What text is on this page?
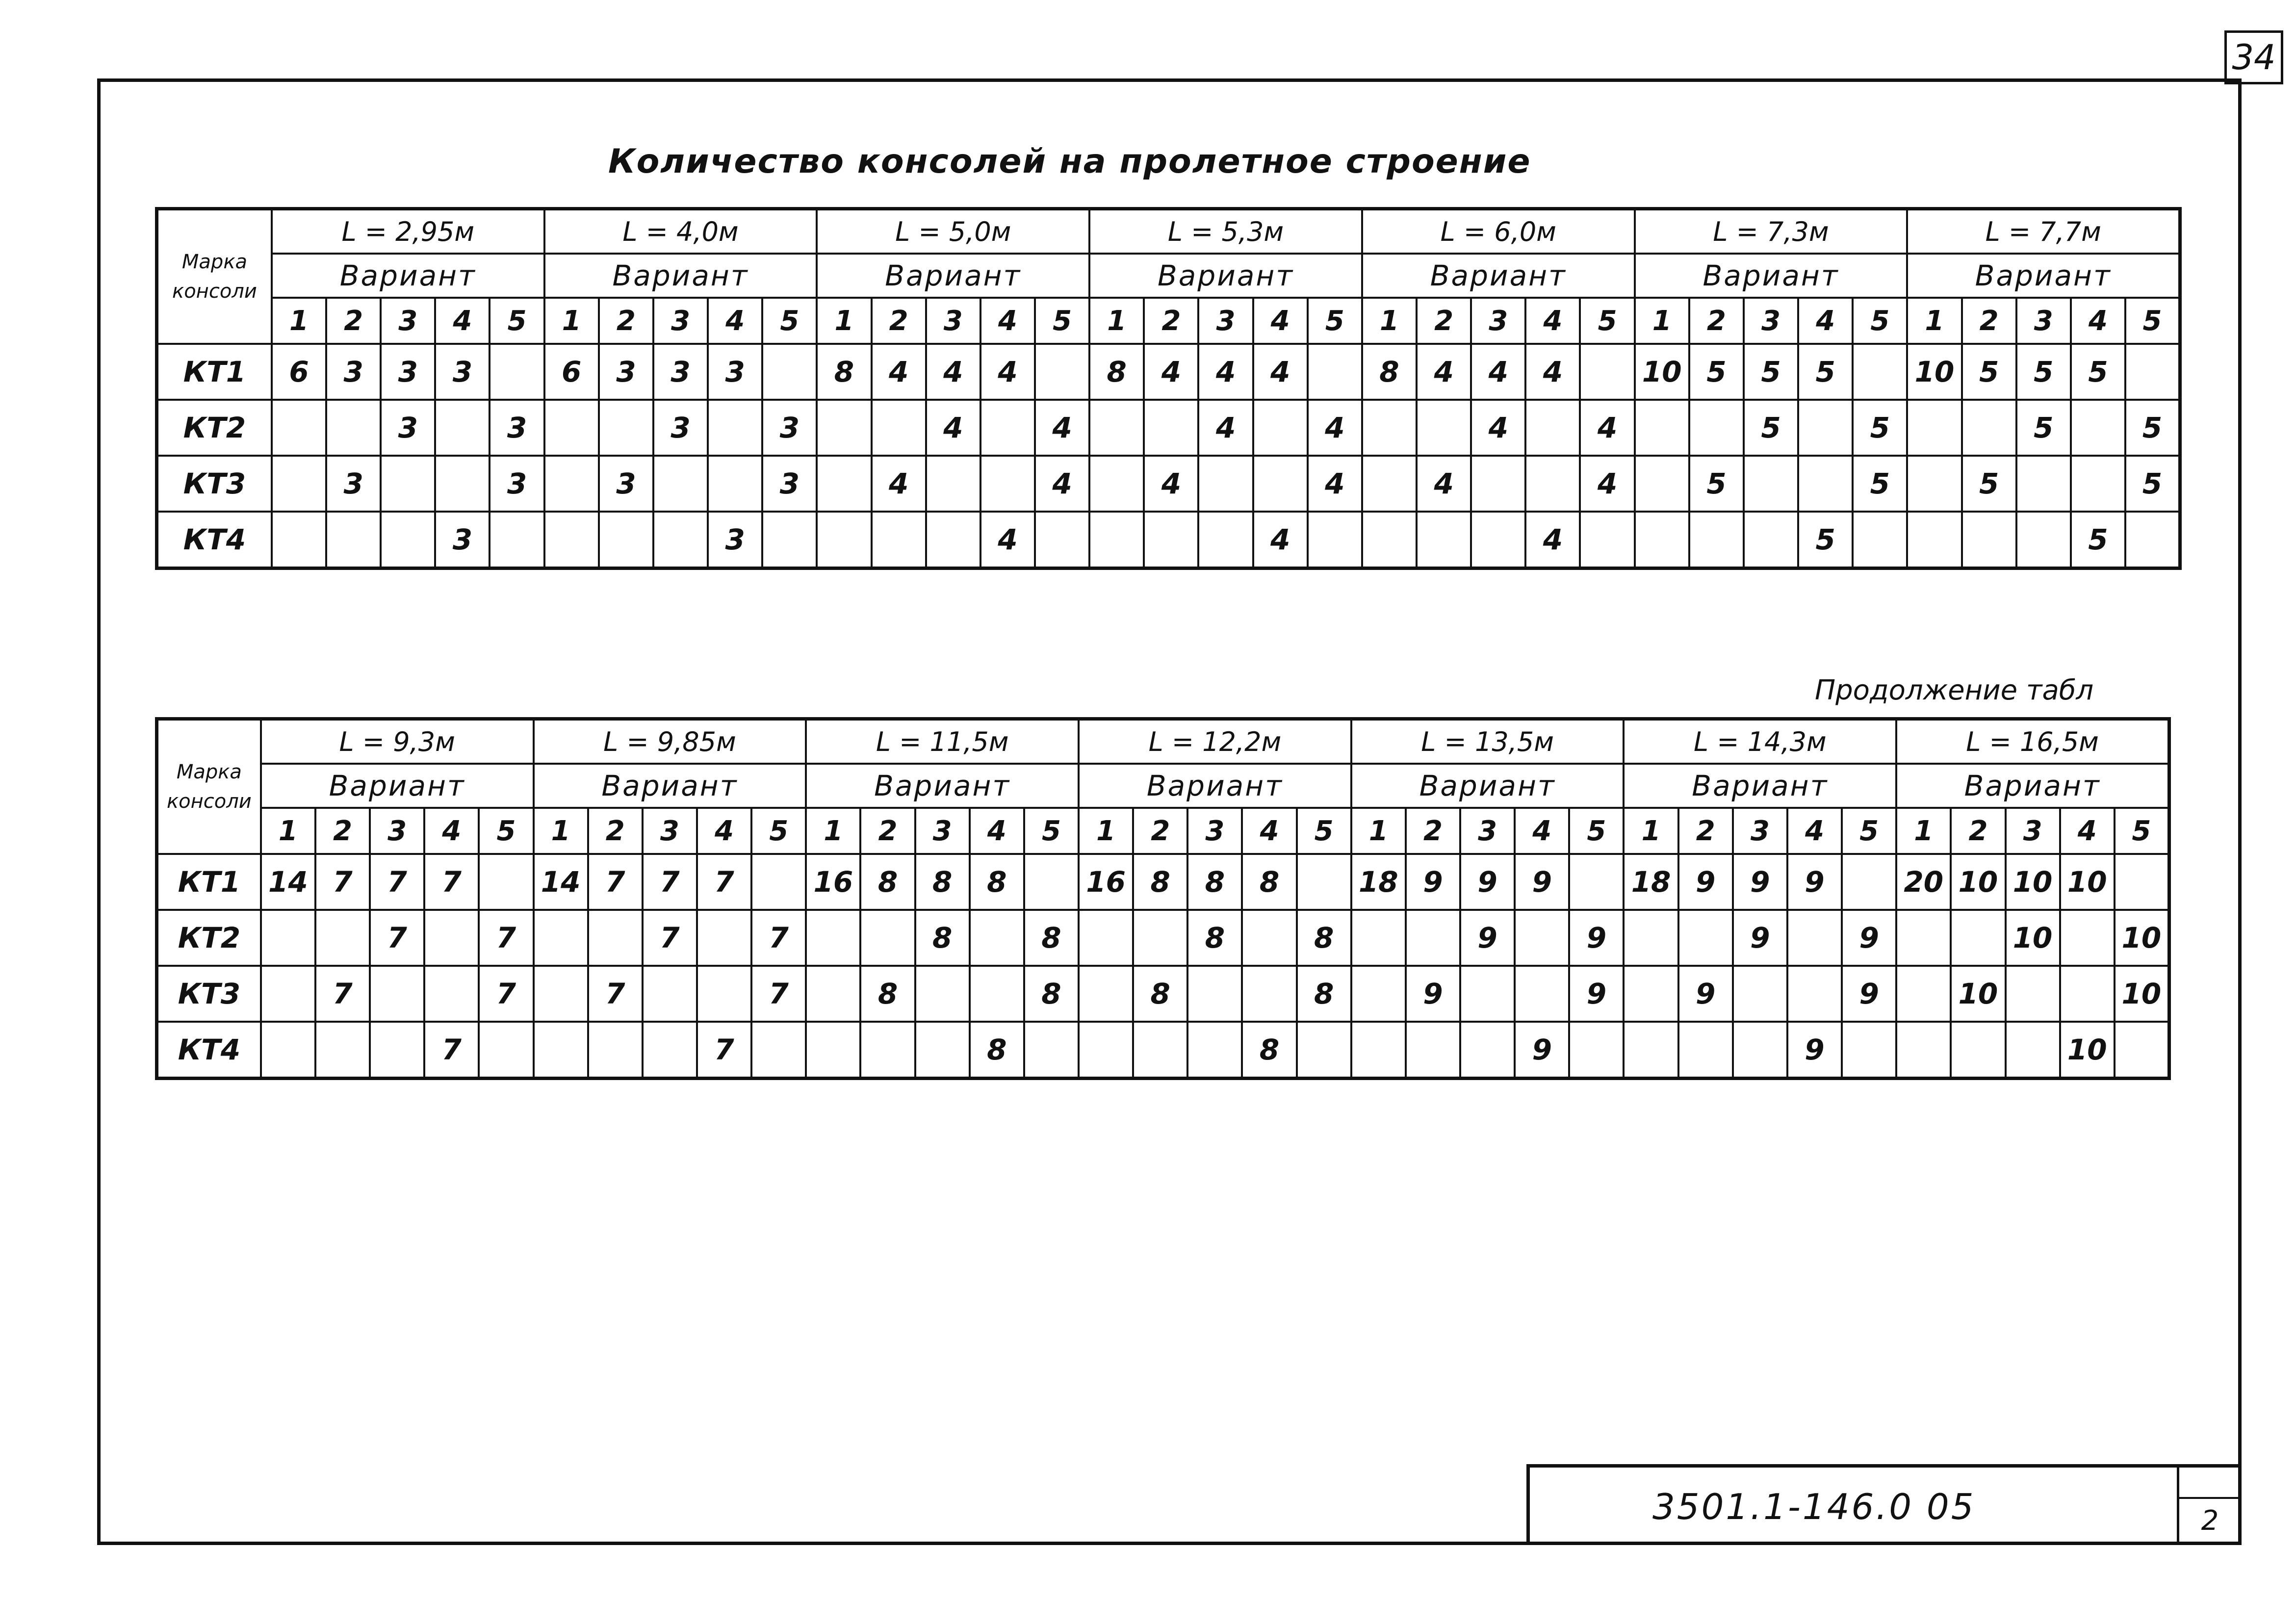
34
Количество консолей на пролетное строение
Марка
консоли	L = 2,95м					L = 4,0м					L = 5,0м					L = 5,3м					L = 6,0м					L = 7,3м					L = 7,7м				
	Вариант					Вариант					Вариант					Вариант					Вариант					Вариант					Вариант				
	1	2	3	4	5	1	2	3	4	5	1	2	3	4	5	1	2	3	4	5	1	2	3	4	5	1	2	3	4	5	1	2	3	4	5
КТ1	6	3	3	3		6	3	3	3		8	4	4	4		8	4	4	4		8	4	4	4		10	5	5	5		10	5	5	5	
КТ2			3		3			3		3			4		4			4		4			4		4			5		5			5		5
КТ3		3			3		3			3		4			4		4			4		4			4		5			5		5			5
КТ4				3					3					4					4					4					5					5	
Продолжение табл
Марка
консоли	L = 9,3м					L = 9,85м					L = 11,5м					L = 12,2м					L = 13,5м					L = 14,3м					L = 16,5м				
	Вариант					Вариант					Вариант					Вариант					Вариант					Вариант					Вариант				
	1	2	3	4	5	1	2	3	4	5	1	2	3	4	5	1	2	3	4	5	1	2	3	4	5	1	2	3	4	5	1	2	3	4	5
КТ1	14	7	7	7		14	7	7	7		16	8	8	8		16	8	8	8		18	9	9	9		18	9	9	9		20	10	10	10	
КТ2			7		7			7		7			8		8			8		8			9		9			9		9			10		10
КТ3		7			7		7			7		8			8		8			8		9			9		9			9		10			10
КТ4				7					7					8					8					9					9					10	
3501.1-146.0 05	2
